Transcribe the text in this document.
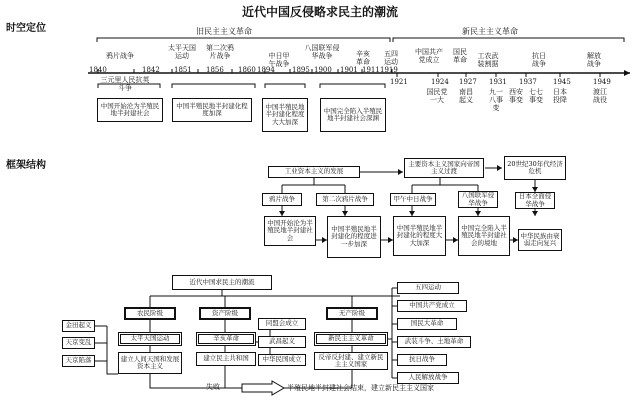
近代中国反侵略求民主的潮流
时空定位
框架结构
旧民主主义革命	新民主主义革命
鸦片战争
太平天国运动
第二次鸦片战争	中日甲午战争
八国联军侵华战争	辛亥革命
五四运动
中国共产党成立
国民革命	工农武装割据
抗日战争
解放战争
1840	1842 1851 1856 1860 1894 1895 1900 1901 1911 1919
1921	1924 1927 1931 1937 1945	1949
国民党一大
南昌起义
九一八事变
西安事变
七七事变
日本投降
渡江战役
三元里人民抗英斗争
中国开始沦为半殖民地半封建社会
中国半殖民地半封建化程度加深
中国半殖民地半封建化程度大大加深
中国完全陷入半殖民地半封建社会深渊
工业资本主义的发展
主要资本主义国家向帝国主义过渡
20世纪30年代经济危机
鸦片战争	第二次鸦片战争	甲午中日战争	八国联军侵华战争
日本全面侵华战争
中国开始沦为半殖民地半封建社会
中国半殖民地半封建化的程度进一步加深
中国半殖民地半封建化的程度大大加深
中国完全陷入半殖民地半封建社会的境地
中华民族由衰弱走向复兴
近代中国求民主的潮流
农民阶级	资产阶级	无产阶级
太平天国运动	辛亥革命	新民主主义革命
金田起义
天京变乱
天京陷落	建立人间天国和发展资本主义
同盟会成立
武昌起义
中华民国成立
建立民主共和国	反帝反封建、建立新民主主义国家
五四运动
中国共产党成立
国民大革命
武装斗争、土地革命
抗日战争
人民解放战争
失败	半殖民地半封建社会结束，建立新民主主义国家
